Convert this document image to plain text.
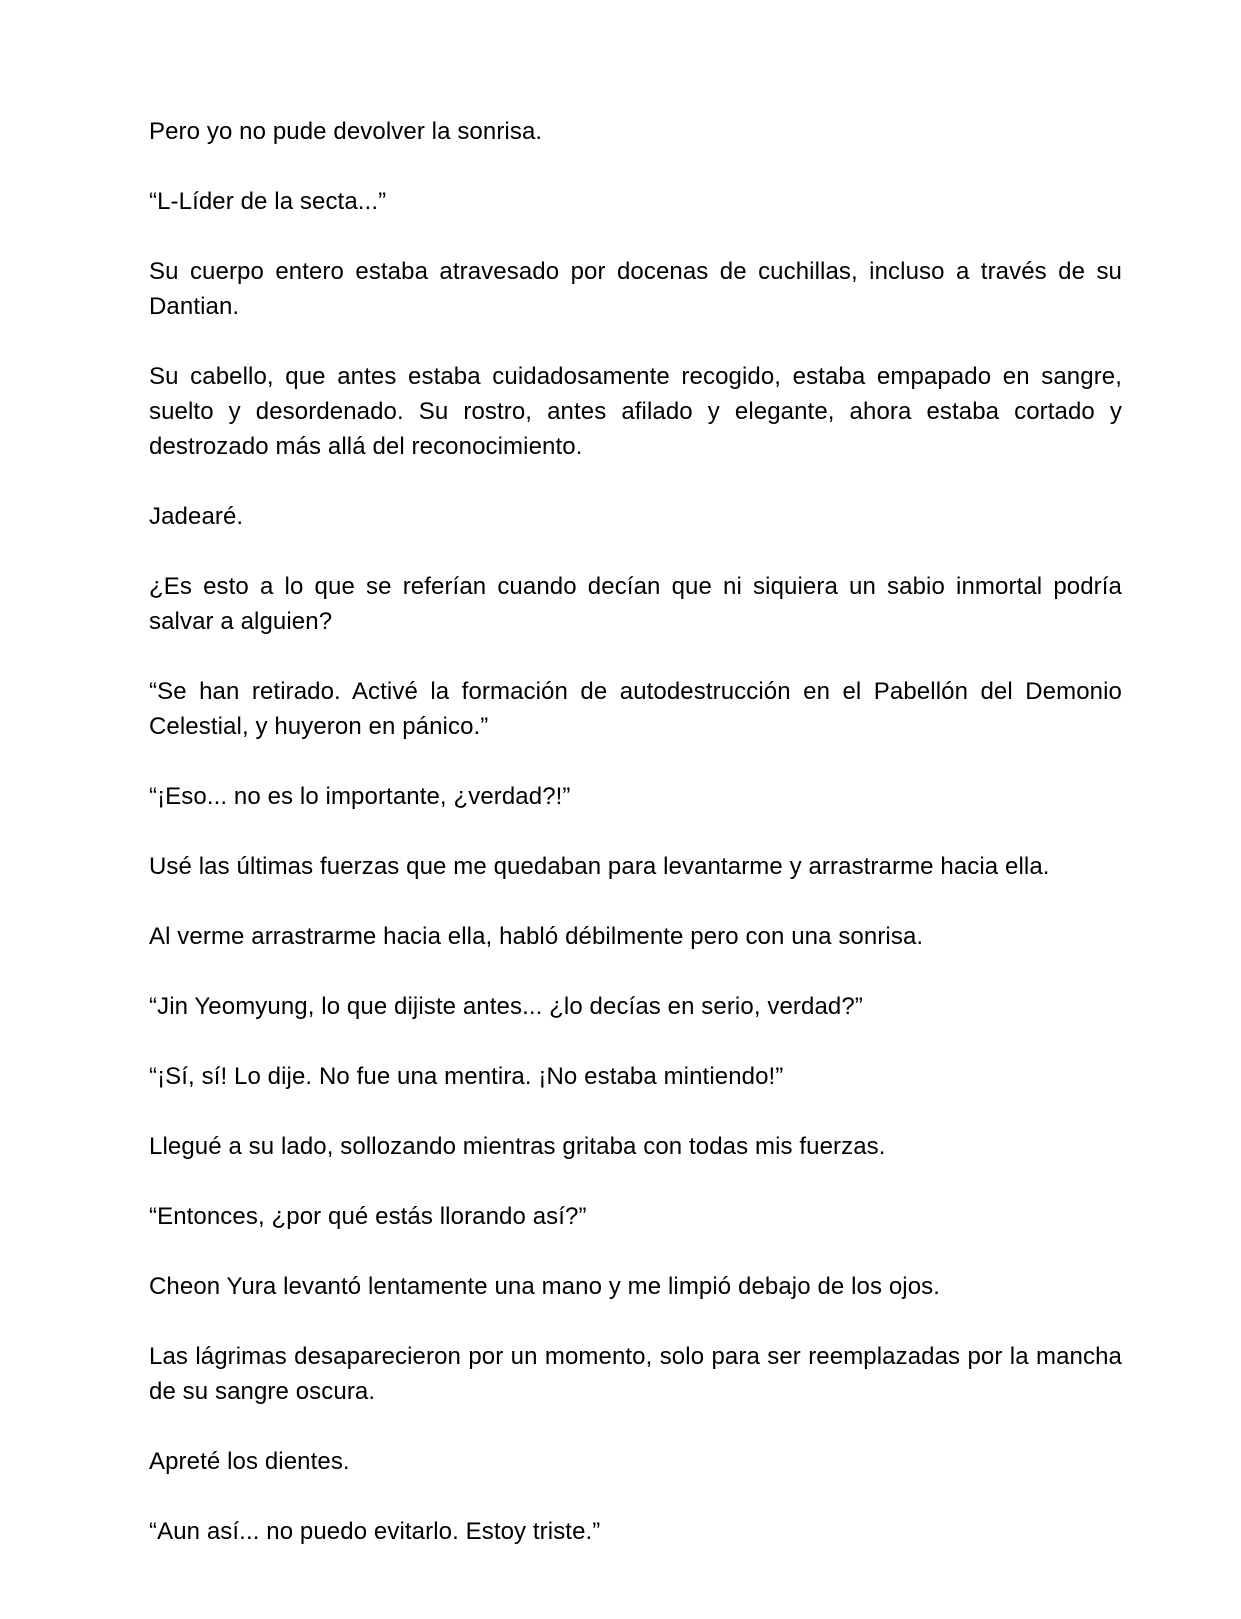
Pero yo no pude devolver la sonrisa.

“L-Líder de la secta...”

Su cuerpo entero estaba atravesado por docenas de cuchillas, incluso a través de su Dantian.

Su cabello, que antes estaba cuidadosamente recogido, estaba empapado en sangre, suelto y desordenado. Su rostro, antes afilado y elegante, ahora estaba cortado y destrozado más allá del reconocimiento.

Jadearé.

¿Es esto a lo que se referían cuando decían que ni siquiera un sabio inmortal podría salvar a alguien?

“Se han retirado. Activé la formación de autodestrucción en el Pabellón del Demonio Celestial, y huyeron en pánico.”

“¡Eso... no es lo importante, ¿verdad?!”

Usé las últimas fuerzas que me quedaban para levantarme y arrastrarme hacia ella.

Al verme arrastrarme hacia ella, habló débilmente pero con una sonrisa.

“Jin Yeomyung, lo que dijiste antes... ¿lo decías en serio, verdad?”

“¡Sí, sí! Lo dije. No fue una mentira. ¡No estaba mintiendo!”

Llegué a su lado, sollozando mientras gritaba con todas mis fuerzas.

“Entonces, ¿por qué estás llorando así?”

Cheon Yura levantó lentamente una mano y me limpió debajo de los ojos.

Las lágrimas desaparecieron por un momento, solo para ser reemplazadas por la mancha de su sangre oscura.

Apreté los dientes.

“Aun así... no puedo evitarlo. Estoy triste.”
